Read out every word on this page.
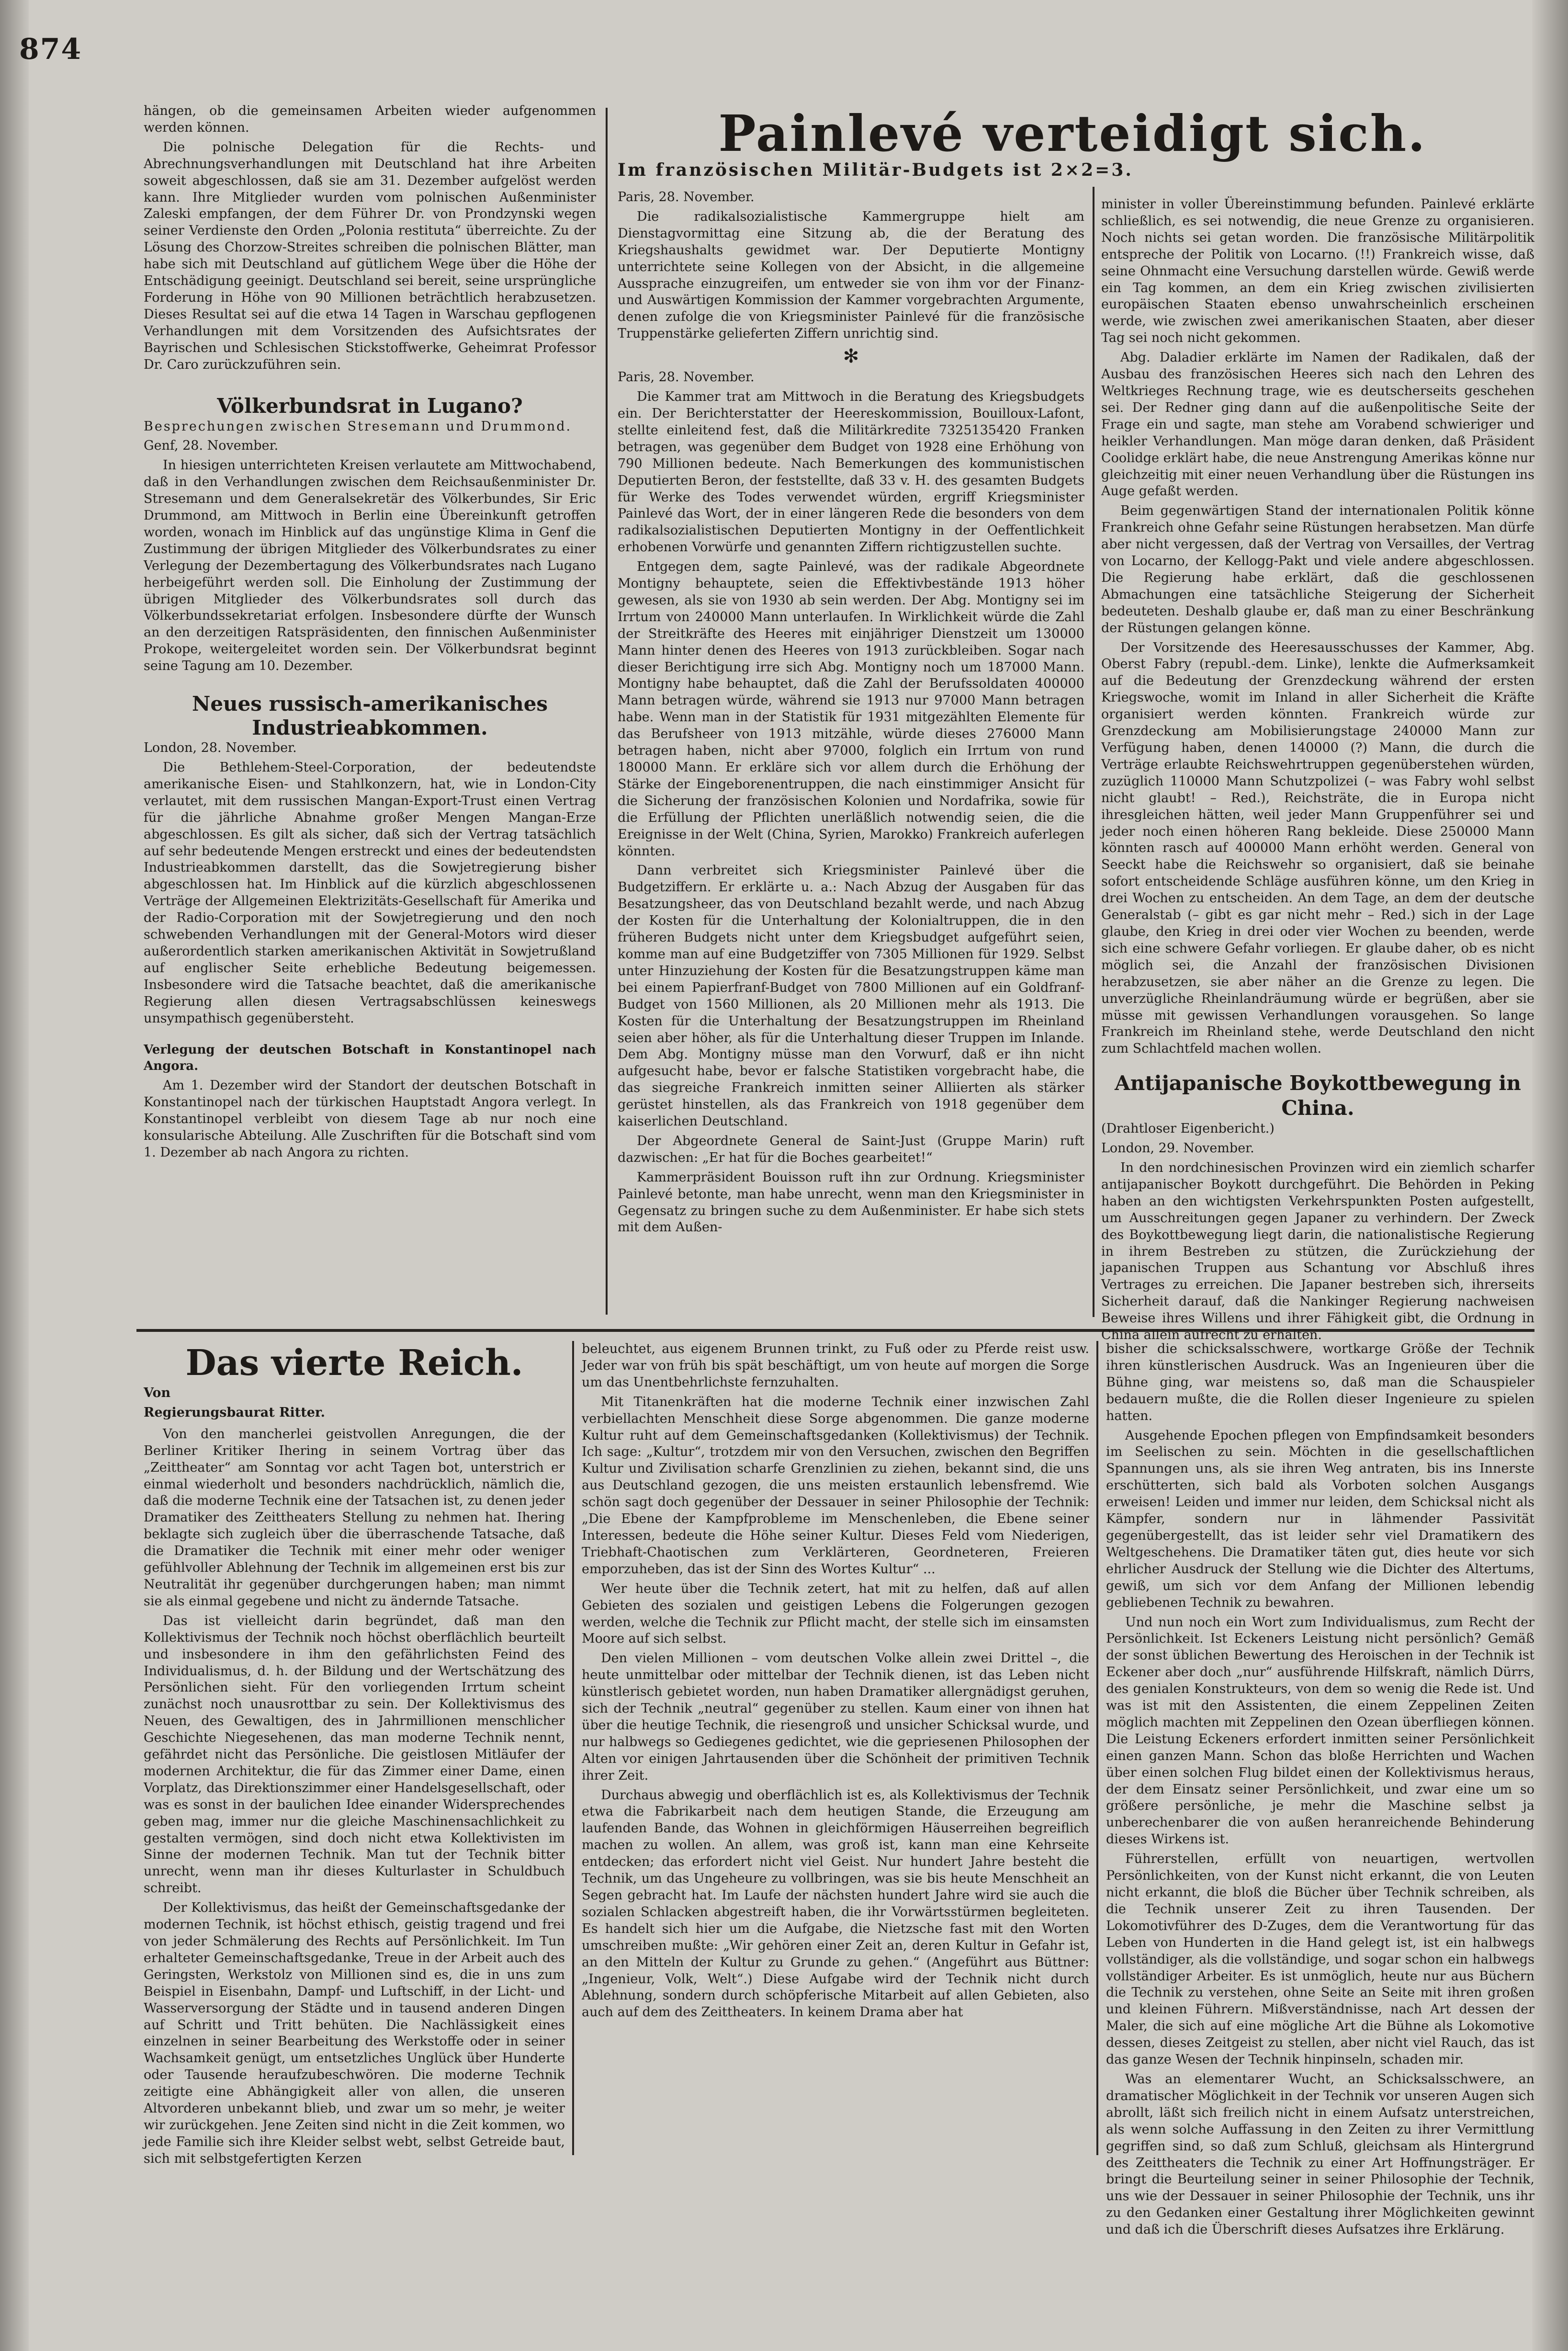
874

hängen, ob die gemeinsamen Arbeiten wieder aufgenommen werden können.

Die polnische Delegation für die Rechts- und Abrechnungsverhandlungen mit Deutschland hat ihre Arbeiten soweit abgeschlossen, daß sie am 31. Dezember aufgelöst werden kann. Ihre Mitglieder wurden vom polnischen Außenminister Zaleski empfangen, der dem Führer Dr. von Prondzynski wegen seiner Verdienste den Orden „Polonia restituta“ überreichte. Zu der Lösung des Chorzow-Streites schreiben die polnischen Blätter, man habe sich mit Deutschland auf gütlichem Wege über die Höhe der Entschädigung geeinigt. Deutschland sei bereit, seine ursprüngliche Forderung in Höhe von 90 Millionen beträchtlich herabzusetzen. Dieses Resultat sei auf die etwa 14 Tagen in Warschau gepflogenen Verhandlungen mit dem Vorsitzenden des Aufsichtsrates der Bayrischen und Schlesischen Stickstoffwerke, Geheimrat Professor Dr. Caro zurückzuführen sein.

Völkerbundsrat in Lugano?

Besprechungen zwischen Stresemann und Drummond.

Genf, 28. November.

In hiesigen unterrichteten Kreisen verlautete am Mittwochabend, daß in den Verhandlungen zwischen dem Reichsaußenminister Dr. Stresemann und dem Generalsekretär des Völkerbundes, Sir Eric Drummond, am Mittwoch in Berlin eine Übereinkunft getroffen worden, wonach im Hinblick auf das ungünstige Klima in Genf die Zustimmung der übrigen Mitglieder des Völkerbundsrates zu einer Verlegung der Dezembertagung des Völkerbundsrates nach Lugano herbeigeführt werden soll. Die Einholung der Zustimmung der übrigen Mitglieder des Völkerbundsrates soll durch das Völkerbundssekretariat erfolgen. Insbesondere dürfte der Wunsch an den derzeitigen Ratspräsidenten, den finnischen Außenminister Prokope, weitergeleitet worden sein. Der Völkerbundsrat beginnt seine Tagung am 10. Dezember.

Neues russisch-amerikanisches Industrieabkommen.

London, 28. November.

Die Bethlehem-Steel-Corporation, der bedeutendste amerikanische Eisen- und Stahlkonzern, hat, wie in London-City verlautet, mit dem russischen Mangan-Export-Trust einen Vertrag für die jährliche Abnahme großer Mengen Mangan-Erze abgeschlossen. Es gilt als sicher, daß sich der Vertrag tatsächlich auf sehr bedeutende Mengen erstreckt und eines der bedeutendsten Industrieabkommen darstellt, das die Sowjetregierung bisher abgeschlossen hat. Im Hinblick auf die kürzlich abgeschlossenen Verträge der Allgemeinen Elektrizitäts-Gesellschaft für Amerika und der Radio-Corporation mit der Sowjetregierung und den noch schwebenden Verhandlungen mit der General-Motors wird dieser außerordentlich starken amerikanischen Aktivität in Sowjetrußland auf englischer Seite erhebliche Bedeutung beigemessen. Insbesondere wird die Tatsache beachtet, daß die amerikanische Regierung allen diesen Vertragsabschlüssen keineswegs unsympathisch gegenübersteht.

Verlegung der deutschen Botschaft in Konstantinopel nach Angora.

Am 1. Dezember wird der Standort der deutschen Botschaft in Konstantinopel nach der türkischen Hauptstadt Angora verlegt. In Konstantinopel verbleibt von diesem Tage ab nur noch eine konsularische Abteilung. Alle Zuschriften für die Botschaft sind vom 1. Dezember ab nach Angora zu richten.

Painlevé verteidigt sich.

Im französischen Militär-Budgets ist 2×2=3.

Paris, 28. November.

Die radikalsozialistische Kammergruppe hielt am Dienstagvormittag eine Sitzung ab, die der Beratung des Kriegshaushalts gewidmet war. Der Deputierte Montigny unterrichtete seine Kollegen von der Absicht, in die allgemeine Aussprache einzugreifen, um entweder sie von ihm vor der Finanz- und Auswärtigen Kommission der Kammer vorgebrachten Argumente, denen zufolge die von Kriegsminister Painlevé für die französische Truppenstärke gelieferten Ziffern unrichtig sind.

✻

Paris, 28. November.

Die Kammer trat am Mittwoch in die Beratung des Kriegsbudgets ein. Der Berichterstatter der Heereskommission, Bouilloux-Lafont, stellte einleitend fest, daß die Militärkredite 7325135420 Franken betragen, was gegenüber dem Budget von 1928 eine Erhöhung von 790 Millionen bedeute. Nach Bemerkungen des kommunistischen Deputierten Beron, der feststellte, daß 33 v. H. des gesamten Budgets für Werke des Todes verwendet würden, ergriff Kriegsminister Painlevé das Wort, der in einer längeren Rede die besonders von dem radikalsozialistischen Deputierten Montigny in der Oeffentlichkeit erhobenen Vorwürfe und genannten Ziffern richtigzustellen suchte.

Entgegen dem, sagte Painlevé, was der radikale Abgeordnete Montigny behauptete, seien die Effektivbestände 1913 höher gewesen, als sie von 1930 ab sein werden. Der Abg. Montigny sei im Irrtum von 240000 Mann unterlaufen. In Wirklichkeit würde die Zahl der Streitkräfte des Heeres mit einjähriger Dienstzeit um 130000 Mann hinter denen des Heeres von 1913 zurückbleiben. Sogar nach dieser Berichtigung irre sich Abg. Montigny noch um 187000 Mann. Montigny habe behauptet, daß die Zahl der Berufssoldaten 400000 Mann betragen würde, während sie 1913 nur 97000 Mann betragen habe. Wenn man in der Statistik für 1931 mitgezählten Elemente für das Berufsheer von 1913 mitzähle, würde dieses 276000 Mann betragen haben, nicht aber 97000, folglich ein Irrtum von rund 180000 Mann. Er erkläre sich vor allem durch die Erhöhung der Stärke der Eingeborenentruppen, die nach einstimmiger Ansicht für die Sicherung der französischen Kolonien und Nordafrika, sowie für die Erfüllung der Pflichten unerläßlich notwendig seien, die die Ereignisse in der Welt (China, Syrien, Marokko) Frankreich auferlegen könnten.

Dann verbreitet sich Kriegsminister Painlevé über die Budgetziffern. Er erklärte u. a.: Nach Abzug der Ausgaben für das Besatzungsheer, das von Deutschland bezahlt werde, und nach Abzug der Kosten für die Unterhaltung der Kolonialtruppen, die in den früheren Budgets nicht unter dem Kriegsbudget aufgeführt seien, komme man auf eine Budgetziffer von 7305 Millionen für 1929. Selbst unter Hinzuziehung der Kosten für die Besatzungstruppen käme man bei einem Papierfranf-Budget von 7800 Millionen auf ein Goldfranf-Budget von 1560 Millionen, als 20 Millionen mehr als 1913. Die Kosten für die Unterhaltung der Besatzungstruppen im Rheinland seien aber höher, als für die Unterhaltung dieser Truppen im Inlande. Dem Abg. Montigny müsse man den Vorwurf, daß er ihn nicht aufgesucht habe, bevor er falsche Statistiken vorgebracht habe, die das siegreiche Frankreich inmitten seiner Alliierten als stärker gerüstet hinstellen, als das Frankreich von 1918 gegenüber dem kaiserlichen Deutschland.

Der Abgeordnete General de Saint-Just (Gruppe Marin) ruft dazwischen: „Er hat für die Boches gearbeitet!“

Kammerpräsident Bouisson ruft ihn zur Ordnung. Kriegsminister Painlevé betonte, man habe unrecht, wenn man den Kriegsminister in Gegensatz zu bringen suche zu dem Außenminister. Er habe sich stets mit dem Außen-

minister in voller Übereinstimmung befunden. Painlevé erklärte schließlich, es sei notwendig, die neue Grenze zu organisieren. Noch nichts sei getan worden. Die französische Militärpolitik entspreche der Politik von Locarno. (!!) Frankreich wisse, daß seine Ohnmacht eine Versuchung darstellen würde. Gewiß werde ein Tag kommen, an dem ein Krieg zwischen zivilisierten europäischen Staaten ebenso unwahrscheinlich erscheinen werde, wie zwischen zwei amerikanischen Staaten, aber dieser Tag sei noch nicht gekommen.

Abg. Daladier erklärte im Namen der Radikalen, daß der Ausbau des französischen Heeres sich nach den Lehren des Weltkrieges Rechnung trage, wie es deutscherseits geschehen sei. Der Redner ging dann auf die außenpolitische Seite der Frage ein und sagte, man stehe am Vorabend schwieriger und heikler Verhandlungen. Man möge daran denken, daß Präsident Coolidge erklärt habe, die neue Anstrengung Amerikas könne nur gleichzeitig mit einer neuen Verhandlung über die Rüstungen ins Auge gefaßt werden.

Beim gegenwärtigen Stand der internationalen Politik könne Frankreich ohne Gefahr seine Rüstungen herabsetzen. Man dürfe aber nicht vergessen, daß der Vertrag von Versailles, der Vertrag von Locarno, der Kellogg-Pakt und viele andere abgeschlossen. Die Regierung habe erklärt, daß die geschlossenen Abmachungen eine tatsächliche Steigerung der Sicherheit bedeuteten. Deshalb glaube er, daß man zu einer Beschränkung der Rüstungen gelangen könne.

Der Vorsitzende des Heeresausschusses der Kammer, Abg. Oberst Fabry (republ.-dem. Linke), lenkte die Aufmerksamkeit auf die Bedeutung der Grenzdeckung während der ersten Kriegswoche, womit im Inland in aller Sicherheit die Kräfte organisiert werden könnten. Frankreich würde zur Grenzdeckung am Mobilisierungstage 240000 Mann zur Verfügung haben, denen 140000 (?) Mann, die durch die Verträge erlaubte Reichswehrtruppen gegenüberstehen würden, zuzüglich 110000 Mann Schutzpolizei (– was Fabry wohl selbst nicht glaubt! – Red.), Reichsträte, die in Europa nicht ihresgleichen hätten, weil jeder Mann Gruppenführer sei und jeder noch einen höheren Rang bekleide. Diese 250000 Mann könnten rasch auf 400000 Mann erhöht werden. General von Seeckt habe die Reichswehr so organisiert, daß sie beinahe sofort entscheidende Schläge ausführen könne, um den Krieg in drei Wochen zu entscheiden. An dem Tage, an dem der deutsche Generalstab (– gibt es gar nicht mehr – Red.) sich in der Lage glaube, den Krieg in drei oder vier Wochen zu beenden, werde sich eine schwere Gefahr vorliegen. Er glaube daher, ob es nicht möglich sei, die Anzahl der französischen Divisionen herabzusetzen, sie aber näher an die Grenze zu legen. Die unverzügliche Rheinlandräumung würde er begrüßen, aber sie müsse mit gewissen Verhandlungen vorausgehen. So lange Frankreich im Rheinland stehe, werde Deutschland den nicht zum Schlachtfeld machen wollen.

Antijapanische Boykottbewegung in China.

(Drahtloser Eigenbericht.)

London, 29. November.

In den nordchinesischen Provinzen wird ein ziemlich scharfer antijapanischer Boykott durchgeführt. Die Behörden in Peking haben an den wichtigsten Verkehrspunkten Posten aufgestellt, um Ausschreitungen gegen Japaner zu verhindern. Der Zweck des Boykottbewegung liegt darin, die nationalistische Regierung in ihrem Bestreben zu stützen, die Zurückziehung der japanischen Truppen aus Schantung vor Abschluß ihres Vertrages zu erreichen. Die Japaner bestreben sich, ihrerseits Sicherheit darauf, daß die Nankinger Regierung nachweisen Beweise ihres Willens und ihrer Fähigkeit gibt, die Ordnung in China allein aufrecht zu erhalten.

Das vierte Reich.

Von

Regierungsbaurat Ritter.

Von den mancherlei geistvollen Anregungen, die der Berliner Kritiker Ihering in seinem Vortrag über das „Zeittheater“ am Sonntag vor acht Tagen bot, unterstrich er einmal wiederholt und besonders nachdrücklich, nämlich die, daß die moderne Technik eine der Tatsachen ist, zu denen jeder Dramatiker des Zeittheaters Stellung zu nehmen hat. Ihering beklagte sich zugleich über die überraschende Tatsache, daß die Dramatiker die Technik mit einer mehr oder weniger gefühlvoller Ablehnung der Technik im allgemeinen erst bis zur Neutralität ihr gegenüber durchgerungen haben; man nimmt sie als einmal gegebene und nicht zu ändernde Tatsache.

Das ist vielleicht darin begründet, daß man den Kollektivismus der Technik noch höchst oberflächlich beurteilt und insbesondere in ihm den gefährlichsten Feind des Individualismus, d. h. der Bildung und der Wertschätzung des Persönlichen sieht. Für den vorliegenden Irrtum scheint zunächst noch unausrottbar zu sein. Der Kollektivismus des Neuen, des Gewaltigen, des in Jahrmillionen menschlicher Geschichte Niegesehenen, das man moderne Technik nennt, gefährdet nicht das Persönliche. Die geistlosen Mitläufer der modernen Architektur, die für das Zimmer einer Dame, einen Vorplatz, das Direktionszimmer einer Handelsgesellschaft, oder was es sonst in der baulichen Idee einander Widersprechendes geben mag, immer nur die gleiche Maschinensachlichkeit zu gestalten vermögen, sind doch nicht etwa Kollektivisten im Sinne der modernen Technik. Man tut der Technik bitter unrecht, wenn man ihr dieses Kulturlaster in Schuldbuch schreibt.

Der Kollektivismus, das heißt der Gemeinschaftsgedanke der modernen Technik, ist höchst ethisch, geistig tragend und frei von jeder Schmälerung des Rechts auf Persönlichkeit. Im Tun erhalteter Gemeinschaftsgedanke, Treue in der Arbeit auch des Geringsten, Werkstolz von Millionen sind es, die in uns zum Beispiel in Eisenbahn, Dampf- und Luftschiff, in der Licht- und Wasserversorgung der Städte und in tausend anderen Dingen auf Schritt und Tritt behüten. Die Nachlässigkeit eines einzelnen in seiner Bearbeitung des Werkstoffe oder in seiner Wachsamkeit genügt, um entsetzliches Unglück über Hunderte oder Tausende heraufzubeschwören. Die moderne Technik zeitigte eine Abhängigkeit aller von allen, die unseren Altvorderen unbekannt blieb, und zwar um so mehr, je weiter wir zurückgehen. Jene Zeiten sind nicht in die Zeit kommen, wo jede Familie sich ihre Kleider selbst webt, selbst Getreide baut, sich mit selbstgefertigten Kerzen

beleuchtet, aus eigenem Brunnen trinkt, zu Fuß oder zu Pferde reist usw. Jeder war von früh bis spät beschäftigt, um von heute auf morgen die Sorge um das Unentbehrlichste fernzuhalten.

Mit Titanenkräften hat die moderne Technik einer inzwischen Zahl verbiellachten Menschheit diese Sorge abgenommen. Die ganze moderne Kultur ruht auf dem Gemeinschaftsgedanken (Kollektivismus) der Technik. Ich sage: „Kultur“, trotzdem mir von den Versuchen, zwischen den Begriffen Kultur und Zivilisation scharfe Grenzlinien zu ziehen, bekannt sind, die uns aus Deutschland gezogen, die uns meisten erstaunlich lebensfremd. Wie schön sagt doch gegenüber der Dessauer in seiner Philosophie der Technik: „Die Ebene der Kampfprobleme im Menschenleben, die Ebene seiner Interessen, bedeute die Höhe seiner Kultur. Dieses Feld vom Niederigen, Triebhaft-Chaotischen zum Verklärteren, Geordneteren, Freieren emporzuheben, das ist der Sinn des Wortes Kultur“ ...

Wer heute über die Technik zetert, hat mit zu helfen, daß auf allen Gebieten des sozialen und geistigen Lebens die Folgerungen gezogen werden, welche die Technik zur Pflicht macht, der stelle sich im einsamsten Moore auf sich selbst.

Den vielen Millionen – vom deutschen Volke allein zwei Drittel –, die heute unmittelbar oder mittelbar der Technik dienen, ist das Leben nicht künstlerisch gebietet worden, nun haben Dramatiker allergnädigst geruhen, sich der Technik „neutral“ gegenüber zu stellen. Kaum einer von ihnen hat über die heutige Technik, die riesengroß und unsicher Schicksal wurde, und nur halbwegs so Gediegenes gedichtet, wie die gepriesenen Philosophen der Alten vor einigen Jahrtausenden über die Schönheit der primitiven Technik ihrer Zeit.

Durchaus abwegig und oberflächlich ist es, als Kollektivismus der Technik etwa die Fabrikarbeit nach dem heutigen Stande, die Erzeugung am laufenden Bande, das Wohnen in gleichförmigen Häuserreihen begreiflich machen zu wollen. An allem, was groß ist, kann man eine Kehrseite entdecken; das erfordert nicht viel Geist. Nur hundert Jahre besteht die Technik, um das Ungeheure zu vollbringen, was sie bis heute Menschheit an Segen gebracht hat. Im Laufe der nächsten hundert Jahre wird sie auch die sozialen Schlacken abgestreift haben, die ihr Vorwärtsstürmen begleiteten. Es handelt sich hier um die Aufgabe, die Nietzsche fast mit den Worten umschreiben mußte: „Wir gehören einer Zeit an, deren Kultur in Gefahr ist, an den Mitteln der Kultur zu Grunde zu gehen.“ (Angeführt aus Büttner: „Ingenieur, Volk, Welt“.) Diese Aufgabe wird der Technik nicht durch Ablehnung, sondern durch schöpferische Mitarbeit auf allen Gebieten, also auch auf dem des Zeittheaters. In keinem Drama aber hat

bisher die schicksalsschwere, wortkarge Größe der Technik ihren künstlerischen Ausdruck. Was an Ingenieuren über die Bühne ging, war meistens so, daß man die Schauspieler bedauern mußte, die die Rollen dieser Ingenieure zu spielen hatten.

Ausgehende Epochen pflegen von Empfindsamkeit besonders im Seelischen zu sein. Möchten in die gesellschaftlichen Spannungen uns, als sie ihren Weg antraten, bis ins Innerste erschütterten, sich bald als Vorboten solchen Ausgangs erweisen! Leiden und immer nur leiden, dem Schicksal nicht als Kämpfer, sondern nur in lähmender Passivität gegenübergestellt, das ist leider sehr viel Dramatikern des Weltgeschehens. Die Dramatiker täten gut, dies heute vor sich ehrlicher Ausdruck der Stellung wie die Dichter des Altertums, gewiß, um sich vor dem Anfang der Millionen lebendig gebliebenen Technik zu bewahren.

Und nun noch ein Wort zum Individualismus, zum Recht der Persönlichkeit. Ist Eckeners Leistung nicht persönlich? Gemäß der sonst üblichen Bewertung des Heroischen in der Technik ist Eckener aber doch „nur“ ausführende Hilfskraft, nämlich Dürrs, des genialen Konstrukteurs, von dem so wenig die Rede ist. Und was ist mit den Assistenten, die einem Zeppelinen Zeiten möglich machten mit Zeppelinen den Ozean überfliegen können. Die Leistung Eckeners erfordert inmitten seiner Persönlichkeit einen ganzen Mann. Schon das bloße Herrichten und Wachen über einen solchen Flug bildet einen der Kollektivismus heraus, der dem Einsatz seiner Persönlichkeit, und zwar eine um so größere persönliche, je mehr die Maschine selbst ja unberechenbarer die von außen heranreichende Behinderung dieses Wirkens ist.

Führerstellen, erfüllt von neuartigen, wertvollen Persönlichkeiten, von der Kunst nicht erkannt, die von Leuten nicht erkannt, die bloß die Bücher über Technik schreiben, als die Technik unserer Zeit zu ihren Tausenden. Der Lokomotivführer des D-Zuges, dem die Verantwortung für das Leben von Hunderten in die Hand gelegt ist, ist ein halbwegs vollständiger, als die vollständige, und sogar schon ein halbwegs vollständiger Arbeiter. Es ist unmöglich, heute nur aus Büchern die Technik zu verstehen, ohne Seite an Seite mit ihren großen und kleinen Führern. Mißverständnisse, nach Art dessen der Maler, die sich auf eine mögliche Art die Bühne als Lokomotive dessen, dieses Zeitgeist zu stellen, aber nicht viel Rauch, das ist das ganze Wesen der Technik hinpinseln, schaden mir.

Was an elementarer Wucht, an Schicksalsschwere, an dramatischer Möglichkeit in der Technik vor unseren Augen sich abrollt, läßt sich freilich nicht in einem Aufsatz unterstreichen, als wenn solche Auffassung in den Zeiten zu ihrer Vermittlung gegriffen sind, so daß zum Schluß, gleichsam als Hintergrund des Zeittheaters die Technik zu einer Art Hoffnungsträger. Er bringt die Beurteilung seiner in seiner Philosophie der Technik, uns wie der Dessauer in seiner Philosophie der Technik, uns ihr zu den Gedanken einer Gestaltung ihrer Möglichkeiten gewinnt und daß ich die Überschrift dieses Aufsatzes ihre Erklärung.
